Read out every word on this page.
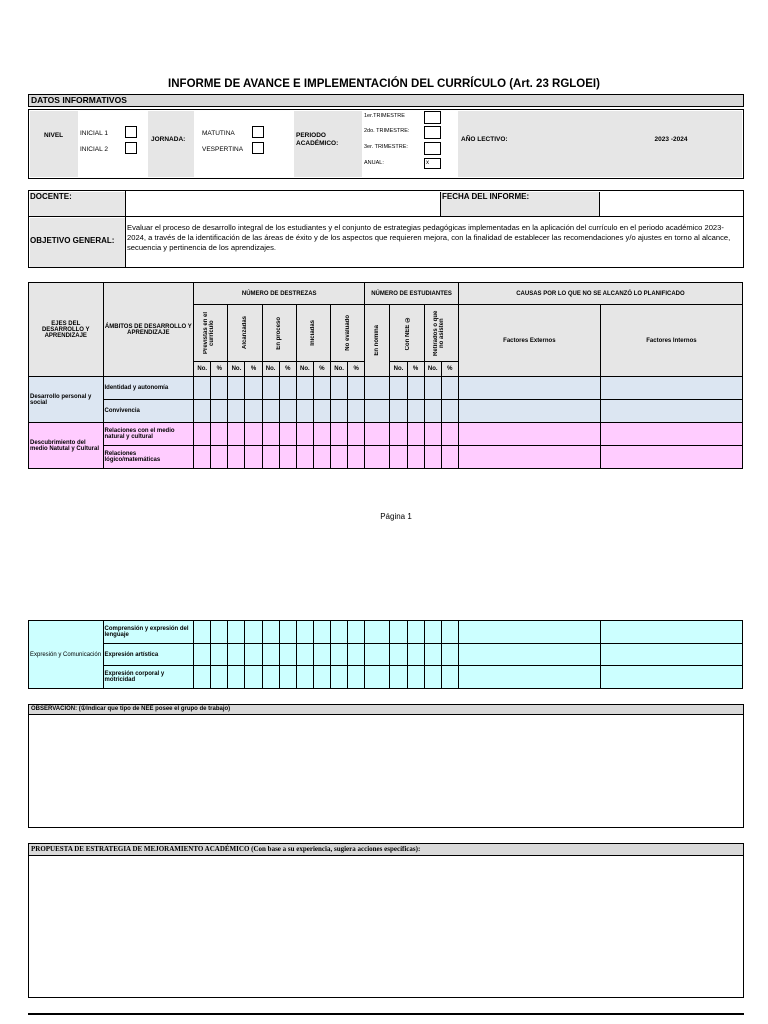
INFORME DE AVANCE E IMPLEMENTACIÓN DEL CURRÍCULO (Art. 23 RGLOEI)
DATOS INFORMATIVOS
NIVEL	INICIAL 1
INICIAL 2
JORNADA:
MATUTINA
VESPERTINA
PERIODO ACADÉMICO:
1er.TRIMESTRE
2do. TRIMESTRE:
3er. TRIMESTRE:
ANUAL:	x
AÑO LECTIVO:	2023 -2024
DOCENTE:	FECHA DEL INFORME:
OBJETIVO GENERAL:
Evaluar el proceso de desarrollo integral de los estudiantes y el conjunto de estrategias pedagógicas implementadas en la aplicación del currículo en el periodo académico 2023-2024, a través de la identificación de las áreas de éxito y de los aspectos que requieren mejora, con la finalidad de establecer las recomendaciones y/o ajustes en torno al alcance, secuencia y pertinencia de los aprendizajes.
EJES DEL DESARROLLO Y APRENDIZAJE	ÁMBITOS DE DESARROLLO Y APRENDIZAJE	NÚMERO DE DESTREZAS										NÚMERO DE ESTUDIANTES					CAUSAS POR LO QUE NO SE ALCANZÓ LO PLANIFICADO	

		Previstas en el currículo		Alcanzadas		En proceso		Iniciadas		No evaluado		En nómina	Con NEE ①		Retirados o que no asisten		Factores Externos	Factores Internos
		No.	%	No.	%	No.	%	No.	%	No.	%		No.	%	No.	%		
Desarrollo personal y social	Identidad y autonomía																	
	Convivencia																	
Descubrimiento del medio Natutal y Cultural	Relaciones con el medio natural y cultural																	
	Relaciones lógico/matemáticas																	
Página 1
Expresión y Comunicación	Comprensión y expresión del lenguaje																	
	Expresión artística																	
	Expresión corporal y motricidad																	
OBSERVACIÓN: (①Indicar que tipo de NEE posee el grupo de trabajo)
PROPUESTA DE ESTRATEGIA DE MEJORAMIENTO ACADÉMICO (Con base a su experiencia, sugiera acciones específicas):
